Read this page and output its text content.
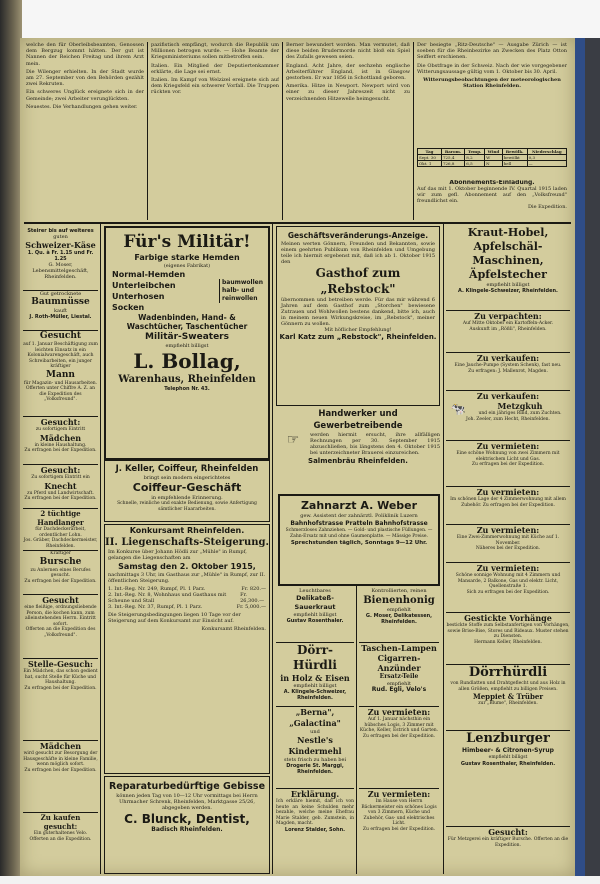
welche den für Oberleibsbeamten, Genossen dem Bergzug kommt hätten. Der gut ist Nannen der Reichen Freitag und ihrem Arzt mein.

Die Wilenger erhielten. In der Stadt wurde am 27. September von den Behörden gezählt zwei Rekruten.

Ein schweres Unglück ereignete sich in der Gemeinde; zwei Arbeiter verunglückten.

Neuestes. Die Verhandlungen gehen weiter.

pazifistisch empfängt, wodurch die Republik um Millionen betrogen wurde. — Hohe Beamte der Kriegsministeriums sollen mitbetroffen sein.

Italien. Ein Mitglied der Deputiertenkammer erklärte, die Lage sei ernst.

Italien. Im Kampf von Welzizel ereignete sich auf dem Kriegsfeld ein schwerer Vorfall. Die Truppen rückten vor.

Berner bewundert worden. Man vermutet, daß diese beiden Brudermorde nicht bloß ein Spiel des Zufalls gewesen seien.

England. Acht Jahre, der sechzehn englische Arbeiterführer England, ist in Glasgow gestorben. Er war 1856 in Schottland geboren.

Amerika. Hitze in Newport. Newport wird von einer zu dieser Jahreszeit nicht zu verzeichnenden Hitzewelle heimgesucht.

Der besiegte „Ritz-Deutsche" — Ausgabe Zürich — ist soeben für die Rheinbezirke an Zwecken des Platz Otton Seiffert erschienen.

Die Obstfrage in der Schweiz. Nach der wie vorgegebener Witterungsaussage gültig vom 1. Oktober bis 30. April.

Witterungsbeobachtungen der meteorologischen Station Rheinfelden.

Tag	Barom.	Temp.	Wind	Bewölk.	Niederschlag
Sept. 30	725,4	8,2	W	bewölkt	0,3
Okt. 1	726,8	6,5	N	hell	—
Abonnements-Einladung.
Auf das mit 1. Oktober beginnende IV. Quartal 1915 laden wir zum gefl. Abonnement auf den „Volksfreund" freundlichst ein.
Die Expedition.
Steirer bis auf weiteres
guten
Schweizer-Käse
1. Qu. à Fr. 1.15 und Fr. 1.25
G. Moser, Lebensmittelgeschäft, Rheinfelden.
Gut getrocknete
Baumnüsse
kauft
J. Roth-Müller, Liestal.
Gesucht
auf 1. Januar Beschäftigung zum leichten Einsatz in ein Kolonialwarengeschäft, auch Schreibarbeiten, ein junger kräftiger
Mann
für Magazin- und Hausarbeiten.
Offerten unter Chiffre A. Z. an die Expedition des „Volksfreund".
Gesucht:
zu sofortigem Eintritt
Mädchen
in kleine Haushaltung.
Zu erfragen bei der Expedition.
Gesucht:
Zu sofortigem Eintritt ein
Knecht
zu Pferd und Landwirtschaft.
Zu erfragen bei der Expedition.
2 tüchtige Handlanger
für Dachdeckerarbeit, ordentlicher Lohn.
Jos. Gräber, Dachdeckermeister, Rheinfelden.
Kräftiger
Bursche
zu Anlernen eines Berufes gesucht.
Zu erfragen bei der Expedition.
Gesucht
eine fleißige, ordnungsliebende Person, die kochen kann, zum alleinstehenden Herrn. Eintritt sofort.
Offerten an die Expedition des „Volksfreund".
Stelle-Gesuch:
Ein Mädchen, das schon gedient hat, sucht Stelle für Küche und Haushaltung.
Zu erfragen bei der Expedition.
Mädchen
wird gesucht zur Besorgung der Hausgeschäfte in kleine Familie, wenn möglich sofort.
Zu erfragen bei der Expedition.
Zu kaufen gesucht:
Ein guterhaltenes Velo.
Offerten an die Expedition.
Für's Militär!
Farbige starke Hemden
(eigenes Fabrikat)
Normal-Hemden
Unterleibchen
Unterhosen
Socken
baumwollen halb- und reinwollen
Wadenbinden, Hand- & Waschtücher, Taschentücher
Militär-Sweaters
empfiehlt billigst
L. Bollag,
Warenhaus, Rheinfelden
Telephon Nr. 43.
J. Keller, Coiffeur, Rheinfelden
bringt sein modern eingerichtetes
Coiffeur-Geschäft
in empfehlende Erinnerung.
Schnelle, reinliche und exakte Bedienung, sowie Anfertigung sämtlicher Haararbeiten.
Konkursamt Rheinfelden.
II. Liegenschafts-Steigerung.
Im Konkurse über Johann Hödli zur „Mühle" in Rumpf, gelangen die Liegenschaften am
Samstag den 2. Oktober 1915,
nachmittags 3 Uhr, im Gasthaus zur „Mühle" in Rumpf, zur II. öffentlichen Steigerung.
1. Int.-Reg. Nr. 249, Rumpf, Pl. 1 Parz.	Fr. 820.—
2. Int.-Reg. Nr. 8, Wohnhaus und Gasthaus mit Scheune und Stall
Fr. 26,300.—
3. Int.-Reg. Nr. 37, Rumpf, Pl. 1 Parz.	Fr. 5,000.—
Die Steigerungsbedingungen liegen 10 Tage vor der Steigerung auf dem Konkursamt zur Einsicht auf.
Konkursamt Rheinfelden.
Reparaturbedürftige Gebisse
können jeden Tag von 10—12 Uhr vormittags bei Herrn Uhrmacher Schrenk, Rheinfelden, Marktgasse 25/26, abgegeben werden.
C. Blunck, Dentist,
Badisch Rheinfelden.
Geschäftsveränderungs-Anzeige.
Meinen werten Gönnern, Freunden und Bekannten, sowie einem geehrten Publikum von Rheinfelden und Umgebung teile ich hiermit ergebenst mit, daß ich ab 1. Oktober 1915 den
Gasthof zum „Rebstock"
übernommen und betreiben werde. Für das mir während 6 Jahren auf dem Gasthof zum „Storchen" bewiesene Zutrauen und Wohlwollen bestens dankend, bitte ich, auch in meinem neuen Wirkungskreise, im „Rebstock", meiner Gönnern zu wollen.
Mit höflicher Empfehlung!
Karl Katz zum „Rebstock", Rheinfelden.
Handwerker und Gewerbetreibende
☞	werden hiermit ersucht, ihre allfälligen Rechnungen per 30. September 1915 abzuschließen, bis längstens den 4. Oktober 1915 bei unterzeichneter Brauerei einzureichen.
Salmenbräu Rheinfelden.
Zahnarzt A. Weber
gew. Assistent der zahnärztl. Poliklinik Luzern
Bahnhofstrasse Pratteln Bahnhofstrasse
Schmerzloses Zahnziehen. — Gold- und plastische Füllungen. — Zahn-Ersatz mit und ohne Gaumenplatte. — Mässige Preise.
Sprechstunden täglich, Sonntags 9—12 Uhr.
Leuchtbares
Delikateß-Sauerkraut
empfiehlt billigst
Gustav Rosenthaler.
Dörr-Hürdli
in Holz & Eisen
empfiehlt billigst
A. Klingele-Schweizer, Rheinfelden.
„Berna", „Galactina"
und
Nestle's Kindermehl
stets frisch zu haben bei
Drogerie St. Marggi, Rheinfelden.
Erklärung.
Ich erkläre hiemit, daß ich von heute an keine Schulden mehr bezahle, welche meine Ehefrau Marie Stalder, geb. Zumstein, in Magden, macht.
Lorenz Stalder, Sohn.
Kontrollierten, reinen
Bienenhonig
empfiehlt
G. Moser, Delikatessen, Rheinfelden.
Taschen-Lampen
Cigarren-Anzünder
Ersatz-Teile
empfiehlt
Rud. Egli, Velo's
Zu vermieten:
Auf 1. Januar nächsthin ein hübsches Logis, 3 Zimmer mit Küche, Keller, Estrich und Garten.
Zu erfragen bei der Expedition.
Zu vermieten:
Im Hause von Herrn Bäckermeister ein schönes Logis von 3 Zimmern, Küche und Zubehör, Gas- und elektrisches Licht.
Zu erfragen bei der Expedition.
Kraut-Hobel, Apfelschäl-Maschinen, Äpfelstecher
empfiehlt billigst
A. Klingele-Schweizer, Rheinfelden.
Zu verpachten:
Auf Mitte Oktober ein Kartoffeln-Acker.
Auskunft im „Rößli", Rheinfelden.
Zu verkaufen:
Eine Jauche-Pumpe (System Schenk), fast neu.
Zu erfragen: J. Mallenrot, Magden.
Zu verkaufen:
🐄	Metzgkuh
und ein jähriges Rind, zum Zuchten.
Joh. Zeeler, zum Hecht, Rheinfelden.
Zu vermieten:
Eine schöne Wohnung von zwei Zimmern mit elektrischem Licht und Gas.
Zu erfragen bei der Expedition.
Zu vermieten:
Im schönen Lage der 4 Zimmerwohnung mit allem Zubehör. Zu erfragen bei der Expedition.
Zu vermieten:
Eine Zwei-Zimmerwohnung mit Küche auf 1. November.
Näheres bei der Expedition.
Zu vermieten:
Schöne sonnige Wohnung mit 4 Zimmern und Mansarde, 2 Balkone, Gas und elektr. Licht, Quellenstraße 1.
Sich zu erfragen bei der Expedition.
Gestickte Vorhänge
bestickte Stoffe zum Selbstanfertigen von Vorhängen, sowie Brise-Bise, Stores und Rideaux. Muster stehen zu Diensten.
Hermann Keller, Rheinfelden.
Dörrhürdli
von Rundlatten und Drahtgeflecht und aus Holz in allen Größen, empfiehlt zu billigen Preisen.
Meppiet & Trüber
zur „Blume", Rheinfelden.
Lenzburger
Himbeer- & Citronen-Syrup
empfiehlt billigst
Gustav Rosenthaler, Rheinfelden.
Gesucht:
Für Metzgerei ein kräftiger Bursche. Offerten an die Expedition.
